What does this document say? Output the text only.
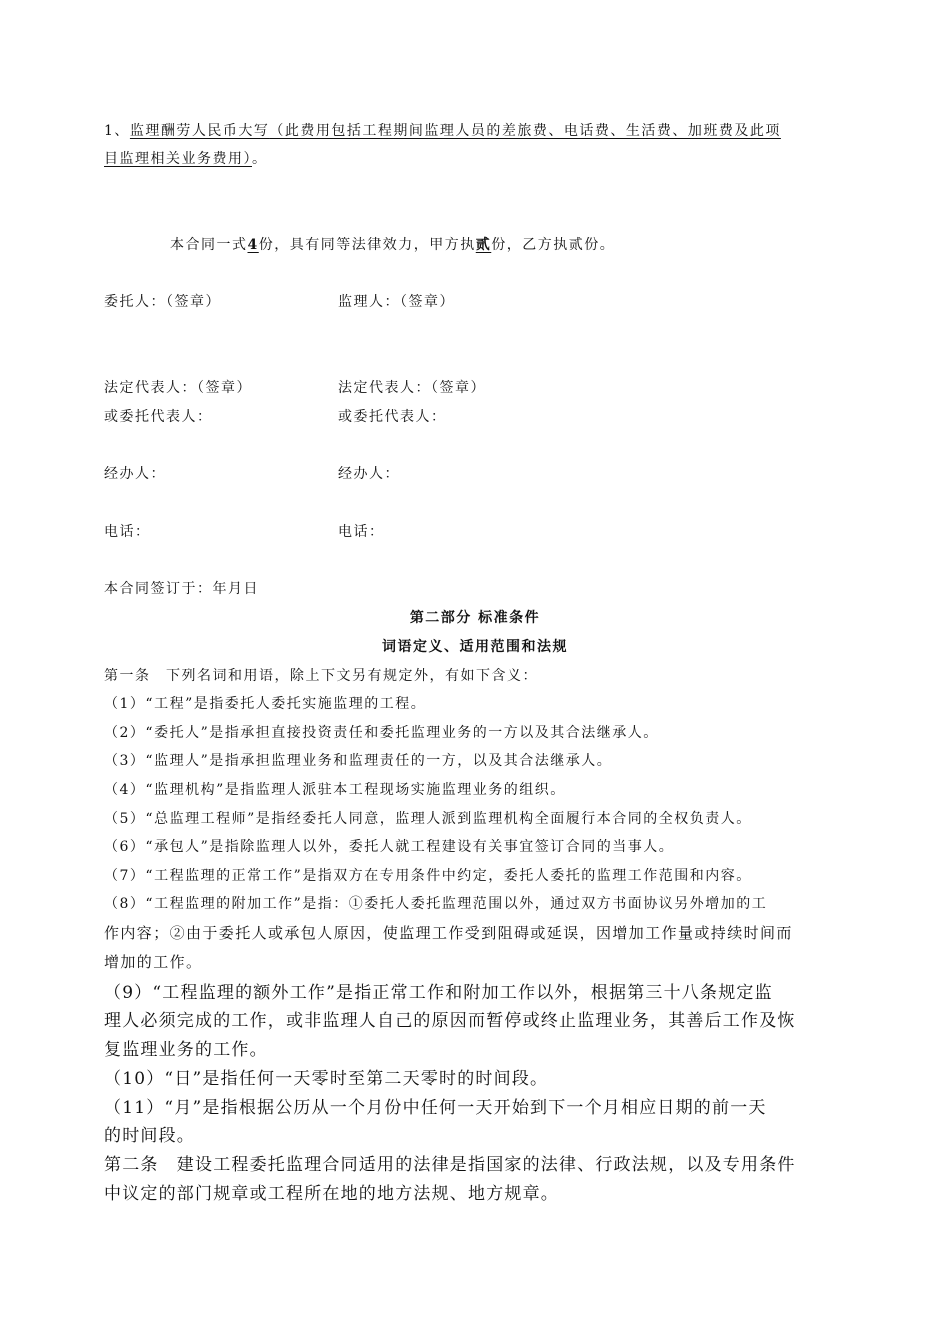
1、监理酬劳人民币大写（此费用包括工程期间监理人员的差旅费、电话费、生活费、加班费及此项
目监理相关业务费用）。
本合同一式4份，具有同等法律效力，甲方执贰份，乙方执贰份。
委托人：（签章）	监理人：（签章）
法定代表人：（签章）	法定代表人：（签章）
或委托代表人：	或委托代表人：
经办人：	经办人：
电话：	电话：
本合同签订于：年月日
第二部分 标准条件
词语定义、适用范围和法规
第一条　下列名词和用语，除上下文另有规定外，有如下含义：
（1）“工程”是指委托人委托实施监理的工程。
（2）“委托人”是指承担直接投资责任和委托监理业务的一方以及其合法继承人。
（3）“监理人”是指承担监理业务和监理责任的一方，以及其合法继承人。
（4）“监理机构”是指监理人派驻本工程现场实施监理业务的组织。
（5）“总监理工程师”是指经委托人同意，监理人派到监理机构全面履行本合同的全权负责人。
（6）“承包人”是指除监理人以外，委托人就工程建设有关事宜签订合同的当事人。
（7）“工程监理的正常工作”是指双方在专用条件中约定，委托人委托的监理工作范围和内容。
（8）“工程监理的附加工作”是指：①委托人委托监理范围以外，通过双方书面协议另外增加的工
作内容；②由于委托人或承包人原因，使监理工作受到阻碍或延误，因增加工作量或持续时间而
增加的工作。
（9）“工程监理的额外工作”是指正常工作和附加工作以外，根据第三十八条规定监
理人必须完成的工作，或非监理人自己的原因而暂停或终止监理业务，其善后工作及恢
复监理业务的工作。
（10）“日”是指任何一天零时至第二天零时的时间段。
（11）“月”是指根据公历从一个月份中任何一天开始到下一个月相应日期的前一天
的时间段。
第二条　建设工程委托监理合同适用的法律是指国家的法律、行政法规，以及专用条件
中议定的部门规章或工程所在地的地方法规、地方规章。
